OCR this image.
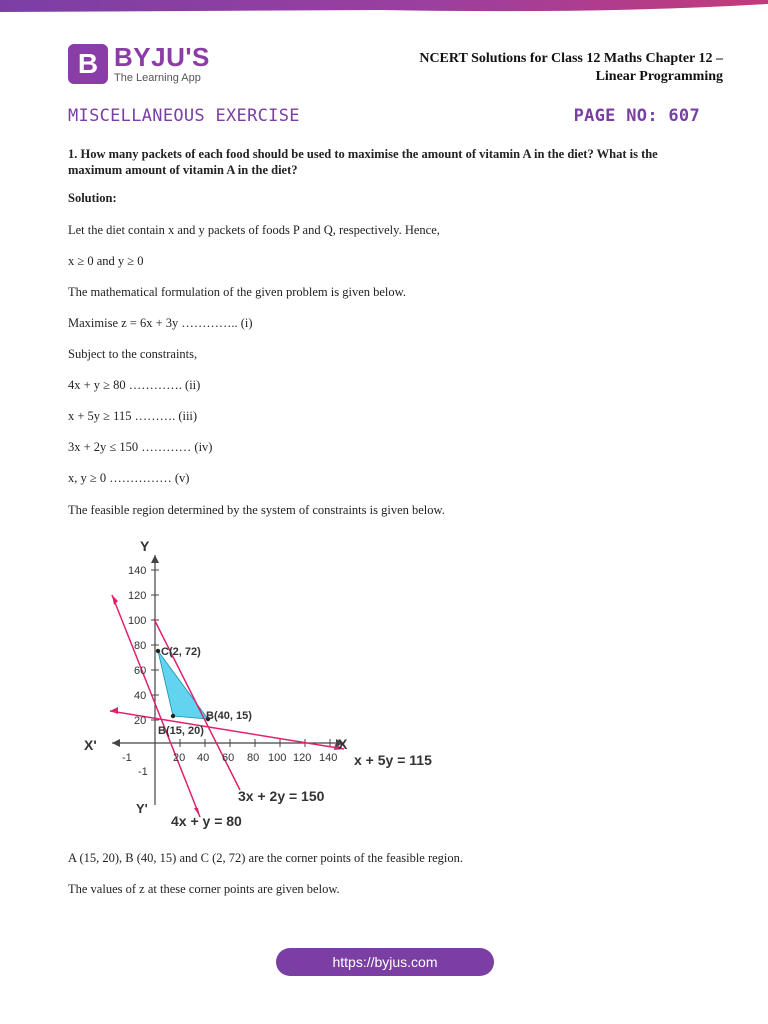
B BYJU'S
The Learning App
NCERT Solutions for Class 12 Maths Chapter 12 –
Linear Programming
MISCELLANEOUS EXERCISE	PAGE NO: 607
1. How many packets of each food should be used to maximise the amount of vitamin A in the diet? What is the
maximum amount of vitamin A in the diet?
Solution:
Let the diet contain x and y packets of foods P and Q, respectively. Hence,
x ≥ 0 and y ≥ 0
The mathematical formulation of the given problem is given below.
Maximise z = 6x + 3y ………….. (i)
Subject to the constraints,
4x + y ≥ 80 …………. (ii)
x + 5y ≥ 115 ………. (iii)
3x + 2y ≤ 150 ………… (iv)
x, y ≥ 0 …………… (v)
The feasible region determined by the system of constraints is given below.
Y
Y'
X
X'
140
120
100
80
60
40
20
20 40 60 80 100 120 140
-1
-1
C(2, 72)
B(40, 15)
B(15, 20)
x + 5y = 115
3x + 2y = 150
4x + y = 80
A (15, 20), B (40, 15) and C (2, 72) are the corner points of the feasible region.
The values of z at these corner points are given below.
https://byjus.com
